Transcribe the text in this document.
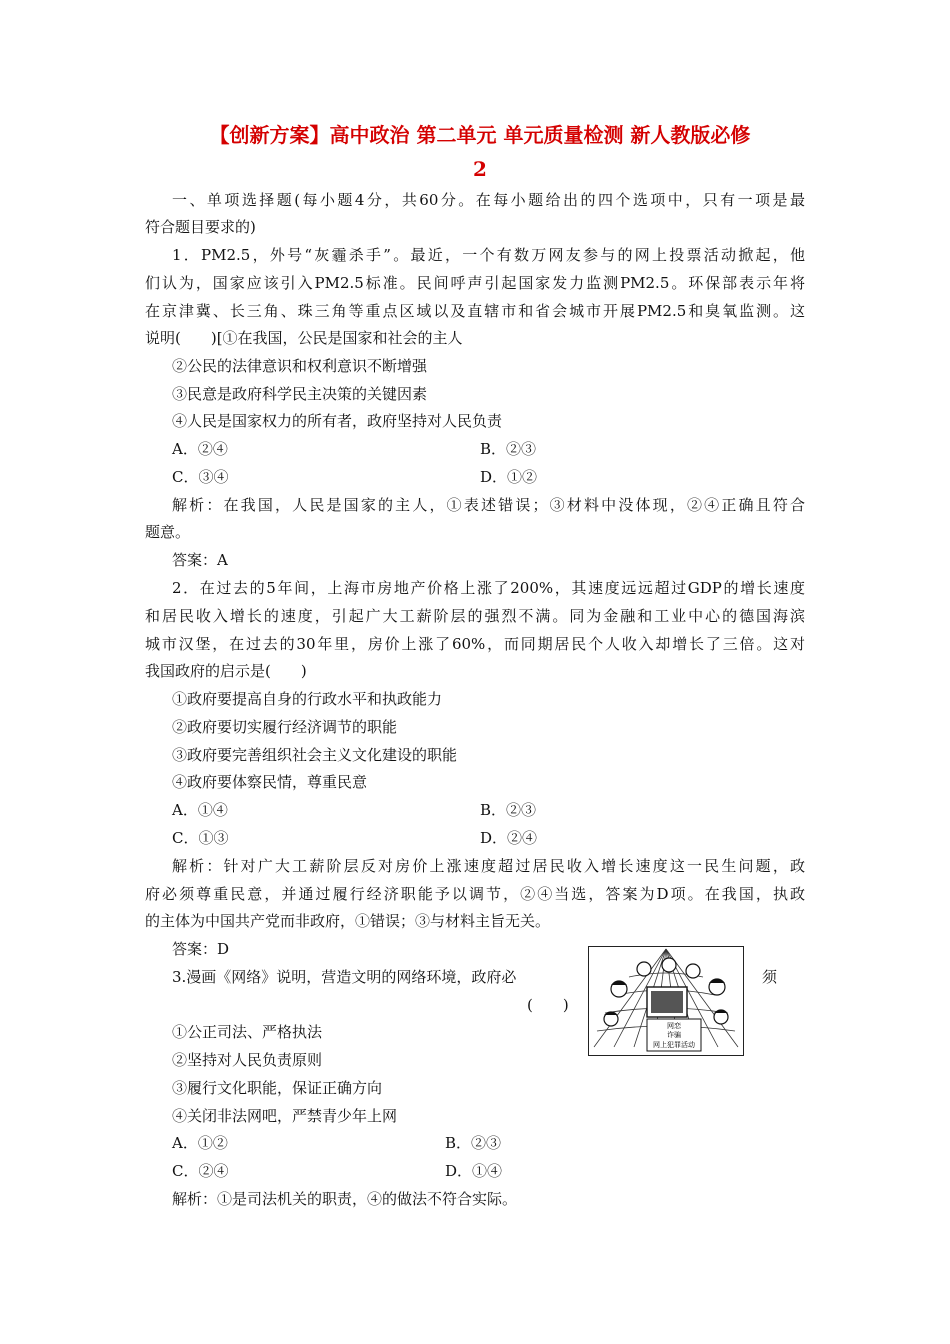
【创新方案】高中政治 第二单元 单元质量检测 新人教版必修
2
一、单项选择题(每小题4分，共60分。在每小题给出的四个选项中，只有一项是最
符合题目要求的)
1．PM2.5，外号“灰霾杀手”。最近，一个有数万网友参与的网上投票活动掀起，他
们认为，国家应该引入PM2.5标准。民间呼声引起国家发力监测PM2.5。环保部表示年将
在京津冀、长三角、珠三角等重点区域以及直辖市和省会城市开展PM2.5和臭氧监测。这
说明(　　)[①在我国，公民是国家和社会的主人
②公民的法律意识和权利意识不断增强
③民意是政府科学民主决策的关键因素
④人民是国家权力的所有者，政府坚持对人民负责
A．②④	B．②③
C．③④	D．①②
解析：在我国，人民是国家的主人，①表述错误；③材料中没体现，②④正确且符合
题意。
答案：A
2．在过去的5年间，上海市房地产价格上涨了200%，其速度远远超过GDP的增长速度
和居民收入增长的速度，引起广大工薪阶层的强烈不满。同为金融和工业中心的德国海滨
城市汉堡，在过去的30年里，房价上涨了60%，而同期居民个人收入却增长了三倍。这对
我国政府的启示是(　　)
①政府要提高自身的行政水平和执政能力
②政府要切实履行经济调节的职能
③政府要完善组织社会主义文化建设的职能
④政府要体察民情，尊重民意
A．①④	B．②③
C．①③	D．②④
解析：针对广大工薪阶层反对房价上涨速度超过居民收入增长速度这一民生问题，政
府必须尊重民意，并通过履行经济职能予以调节，②④当选，答案为D项。在我国，执政
的主体为中国共产党而非政府，①错误；③与材料主旨无关。
答案：D
3.漫画《网络》说明，营造文明的网络环境，政府必	须
(　　)
网恋
诈骗
网上犯罪活动
①公正司法、严格执法
②坚持对人民负责原则
③履行文化职能，保证正确方向
④关闭非法网吧，严禁青少年上网
A．①②	B．②③
C．②④	D．①④
解析：①是司法机关的职责，④的做法不符合实际。
